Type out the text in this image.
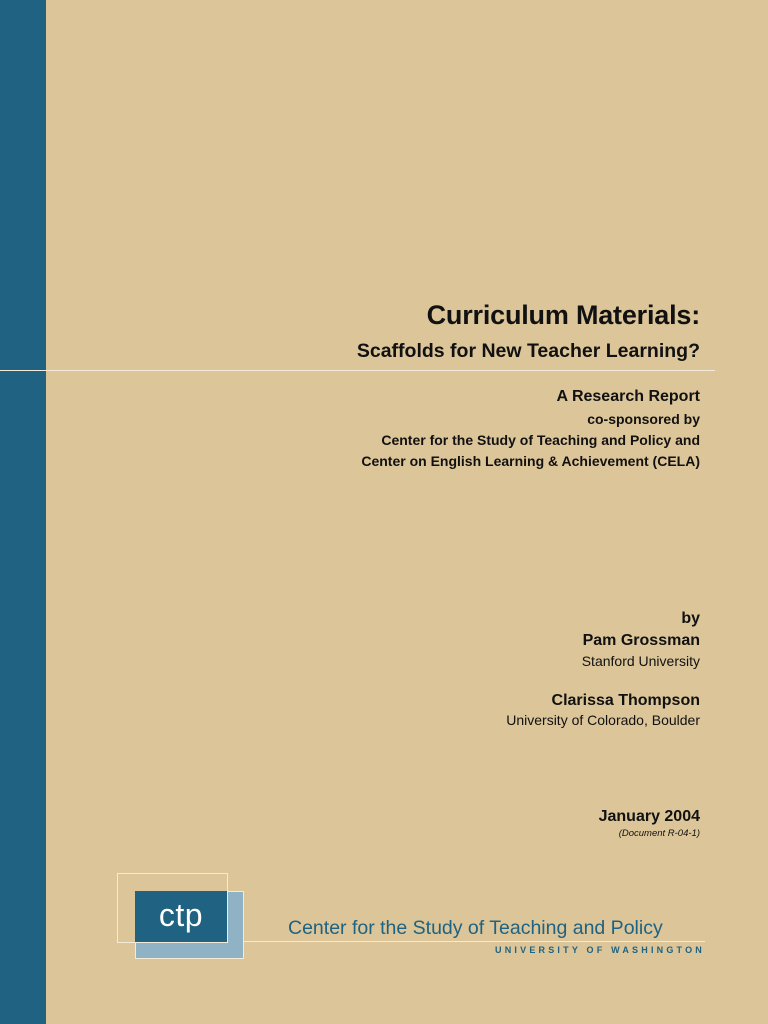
Curriculum Materials:
Scaffolds for New Teacher Learning?
A Research Report
co-sponsored by
Center for the Study of Teaching and Policy and
Center on English Learning & Achievement (CELA)
by
Pam Grossman
Stanford University
Clarissa Thompson
University of Colorado, Boulder
January 2004
(Document R-04-1)
ctp	Center for the Study of Teaching and Policy
UNIVERSITY OF WASHINGTON
